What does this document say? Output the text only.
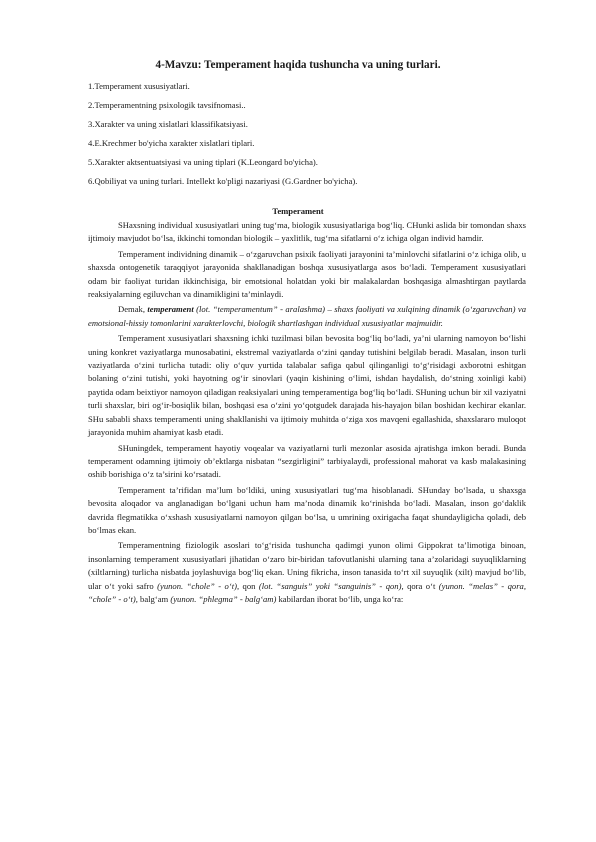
4-Mavzu: Temperament haqida tushuncha va uning turlari.
1.Temperament xususiyatlari.
2.Temperamentning psixologik tavsifnomasi..
3.Xarakter va uning xislatlari klassifikatsiyasi.
4.E.Krechmer bo'yicha xarakter xislatlari tiplari.
5.Xarakter aktsentuatsiyasi va uning tiplari (K.Leongard bo'yicha).
6.Qobiliyat va uning turlari. Intellekt ko'pligi nazariyasi (G.Gardner bo'yicha).
Temperament

SHaxsning individual xususiyatlari uning tug‘ma, biologik xususiyatlariga bog‘liq. CHunki aslida bir tomondan shaxs ijtimoiy mavjudot bo‘lsa, ikkinchi tomondan biologik – yaxlitlik, tug‘ma sifatlarni o‘z ichiga olgan individ hamdir.

Temperament individning dinamik – o‘zgaruvchan psixik faoliyati jarayonini ta’minlovchi sifatlarini o‘z ichiga olib, u shaxsda ontogenetik taraqqiyot jarayonida shakllanadigan boshqa xususiyatlarga asos bo‘ladi. Temperament xususiyatlari odam bir faoliyat turidan ikkinchisiga, bir emotsional holatdan yoki bir malakalardan boshqasiga almashtirgan paytlarda reaksiyalarning egiluvchan va dinamikligini ta’minlaydi.

Demak, temperament (lot. “temperamentum” - aralashma) – shaxs faoliyati va xulqining dinamik (o‘zgaruvchan) va emotsional-hissiy tomonlarini xarakterlovchi, biologik shartlashgan individual xususiyatlar majmuidir.

Temperament xususiyatlari shaxsning ichki tuzilmasi bilan bevosita bog‘liq bo‘ladi, ya’ni ularning namoyon bo‘lishi uning konkret vaziyatlarga munosabatini, ekstremal vaziyatlarda o‘zini qanday tutishini belgilab beradi. Masalan, inson turli vaziyatlarda o‘zini turlicha tutadi: oliy o‘quv yurtida talabalar safiga qabul qilinganligi to‘g‘risidagi axborotni eshitgan bolaning o‘zini tutishi, yoki hayotning og‘ir sinovlari (yaqin kishining o‘limi, ishdan haydalish, do‘stning xoinligi kabi) paytida odam beixtiyor namoyon qiladigan reaksiyalari uning temperamentiga bog‘liq bo‘ladi. SHuning uchun bir xil vaziyatni turli shaxslar, biri og‘ir-bosiqlik bilan, boshqasi esa o‘zini yo‘qotgudek darajada his-hayajon bilan boshidan kechirar ekanlar. SHu sababli shaxs temperamenti uning shakllanishi va ijtimoiy muhitda o‘ziga xos mavqeni egallashida, shaxslararo muloqot jarayonida muhim ahamiyat kasb etadi.

SHuningdek, temperament hayotiy voqealar va vaziyatlarni turli mezonlar asosida ajratishga imkon beradi. Bunda temperament odamning ijtimoiy ob’ektlarga nisbatan “sezgirligini” tarbiyalaydi, professional mahorat va kasb malakasining oshib borishiga o‘z ta’sirini ko‘rsatadi.

Temperament ta’rifidan ma’lum bo‘ldiki, uning xususiyatlari tug‘ma hisoblanadi. SHunday bo‘lsada, u shaxsga bevosita aloqador va anglanadigan bo‘lgani uchun ham ma’noda dinamik ko‘rinishda bo‘ladi. Masalan, inson go‘daklik davrida flegmatikka o‘xshash xususiyatlarni namoyon qilgan bo‘lsa, u umrining oxirigacha faqat shundayligicha qoladi, deb bo‘lmas ekan.

Temperamentning fiziologik asoslari to‘g‘risida tushuncha qadimgi yunon olimi Gippokrat ta’limotiga binoan, insonlarning temperament xususiyatlari jihatidan o‘zaro bir-biridan tafovutlanishi ularning tana a’zolaridagi suyuqliklarning (xiltlarning) turlicha nisbatda joylashuviga bog‘liq ekan. Uning fikricha, inson tanasida to‘rt xil suyuqlik (xilt) mavjud bo‘lib, ular o‘t yoki safro (yunon. “chole” - o‘t), qon (lot. “sanguis” yoki “sanguinis” - qon), qora o‘t (yunon. “melas” - qora, “chole” - o‘t), balg‘am (yunon. “phlegma” - balg‘am) kabilardan iborat bo‘lib, unga ko‘ra:
